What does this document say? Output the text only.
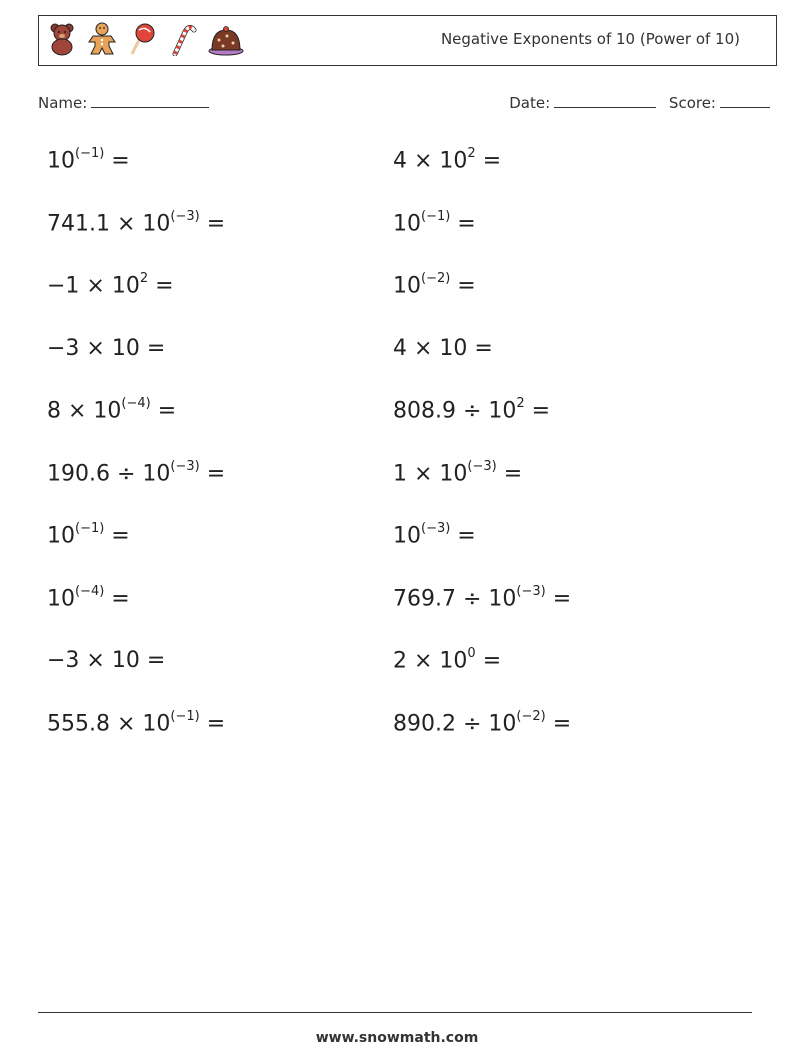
Negative Exponents of 10 (Power of 10)
Name:	Date:	Score:
$10^{(-1)}$ =
$741.1 \times 10^{(-3)}$ =
$-1 \times 10^2$ =
−3 × 10 =
$8 \times 10^{(-4)}$ =
$190.6 \div 10^{(-3)}$ =
$10^{(-1)}$ =
$10^{(-4)}$ =
−3 × 10 =
$555.8 \times 10^{(-1)}$ =
$4 \times 10^2$ =
$10^{(-1)}$ =
$10^{(-2)}$ =
4 × 10 =
$808.9 \div 10^2$ =
$1 \times 10^{(-3)}$ =
$10^{(-3)}$ =
$769.7 \div 10^{(-3)}$ =
$2 \times 10^0$ =
$890.2 \div 10^{(-2)}$ =
www.snowmath.com
